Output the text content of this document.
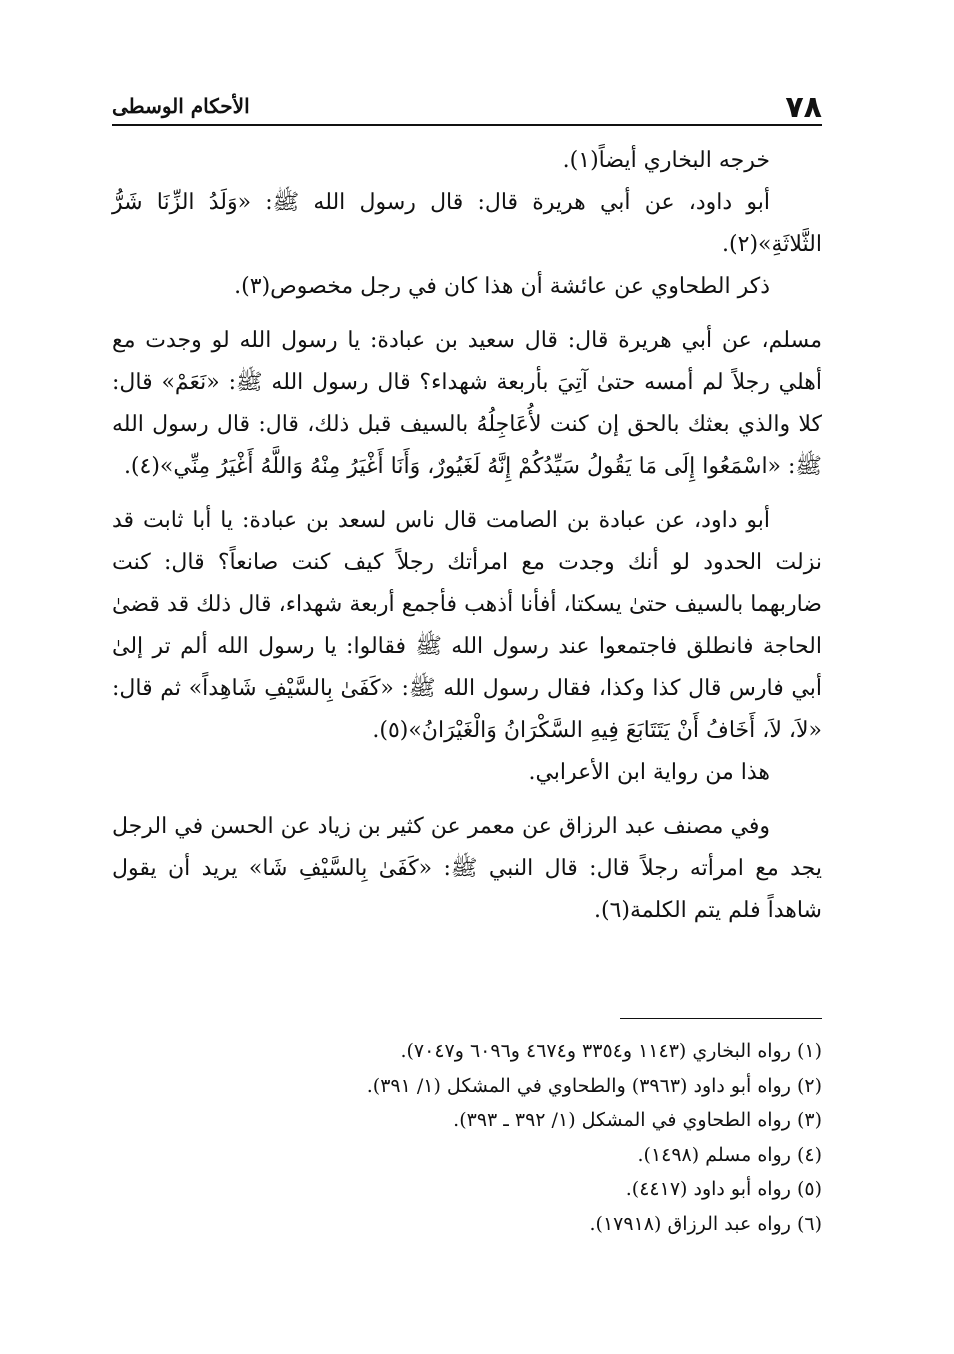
٧٨
الأحكام الوسطى

خرجه البخاري أيضاً(١).

أبو داود، عن أبي هريرة قال: قال رسول الله ﷺ: «وَلَدُ الزِّنَا شَرُّ الثَّلاثَةِ»(٢).

ذكر الطحاوي عن عائشة أن هذا كان في رجل مخصوص(٣).

مسلم، عن أبي هريرة قال: قال سعيد بن عبادة: يا رسول الله لو وجدت مع أهلي رجلاً لم أمسه حتىٰ آتِيَ بأربعة شهداء؟ قال رسول الله ﷺ: «نَعَمْ» قال: كلا والذي بعثك بالحق إن كنت لأُعَاجِلُهُ بالسيف قبل ذلك، قال: قال رسول الله ﷺ: «اسْمَعُوا إِلَى مَا يَقُولُ سَيِّدُكُمْ إِنَّهُ لَغَيُورٌ، وَأَنَا أَغْيَرُ مِنْهُ وَاللَّهُ أَغْيَرُ مِنِّي»(٤).

أبو داود، عن عبادة بن الصامت قال ناس لسعد بن عبادة: يا أبا ثابت قد نزلت الحدود لو أنك وجدت مع امرأتك رجلاً كيف كنت صانعاً؟ قال: كنت ضاربهما بالسيف حتىٰ يسكتا، أفأنا أذهب فأجمع أربعة شهداء، قال ذلك قد قضىٰ الحاجة فانطلق فاجتمعوا عند رسول الله ﷺ فقالوا: يا رسول الله ألم تر إلىٰ أبي فارس قال كذا وكذا، فقال رسول الله ﷺ: «كَفَىٰ بِالسَّيْفِ شَاهِداً» ثم قال: «لاَ، لاَ، أَخَافُ أَنْ يَتَتَابَعَ فِيهِ السَّكْرَانُ وَالْغَيْرَانُ»(٥).

هذا من رواية ابن الأعرابي.

وفي مصنف عبد الرزاق عن معمر عن كثير بن زياد عن الحسن في الرجل يجد مع امرأته رجلاً قال: قال النبي ﷺ: «كَفَىٰ بِالسَّيْفِ شَا» يريد أن يقول شاهداً فلم يتم الكلمة(٦).

(١) رواه البخاري (١١٤٣ و٣٣٥٤ و٤٦٧٤ و٦٠٩٦ و٧٠٤٧).

(٢) رواه أبو داود (٣٩٦٣) والطحاوي في المشكل (١/ ٣٩١).

(٣) رواه الطحاوي في المشكل (١/ ٣٩٢ ـ ٣٩٣).

(٤) رواه مسلم (١٤٩٨).

(٥) رواه أبو داود (٤٤١٧).

(٦) رواه عبد الرزاق (١٧٩١٨).
